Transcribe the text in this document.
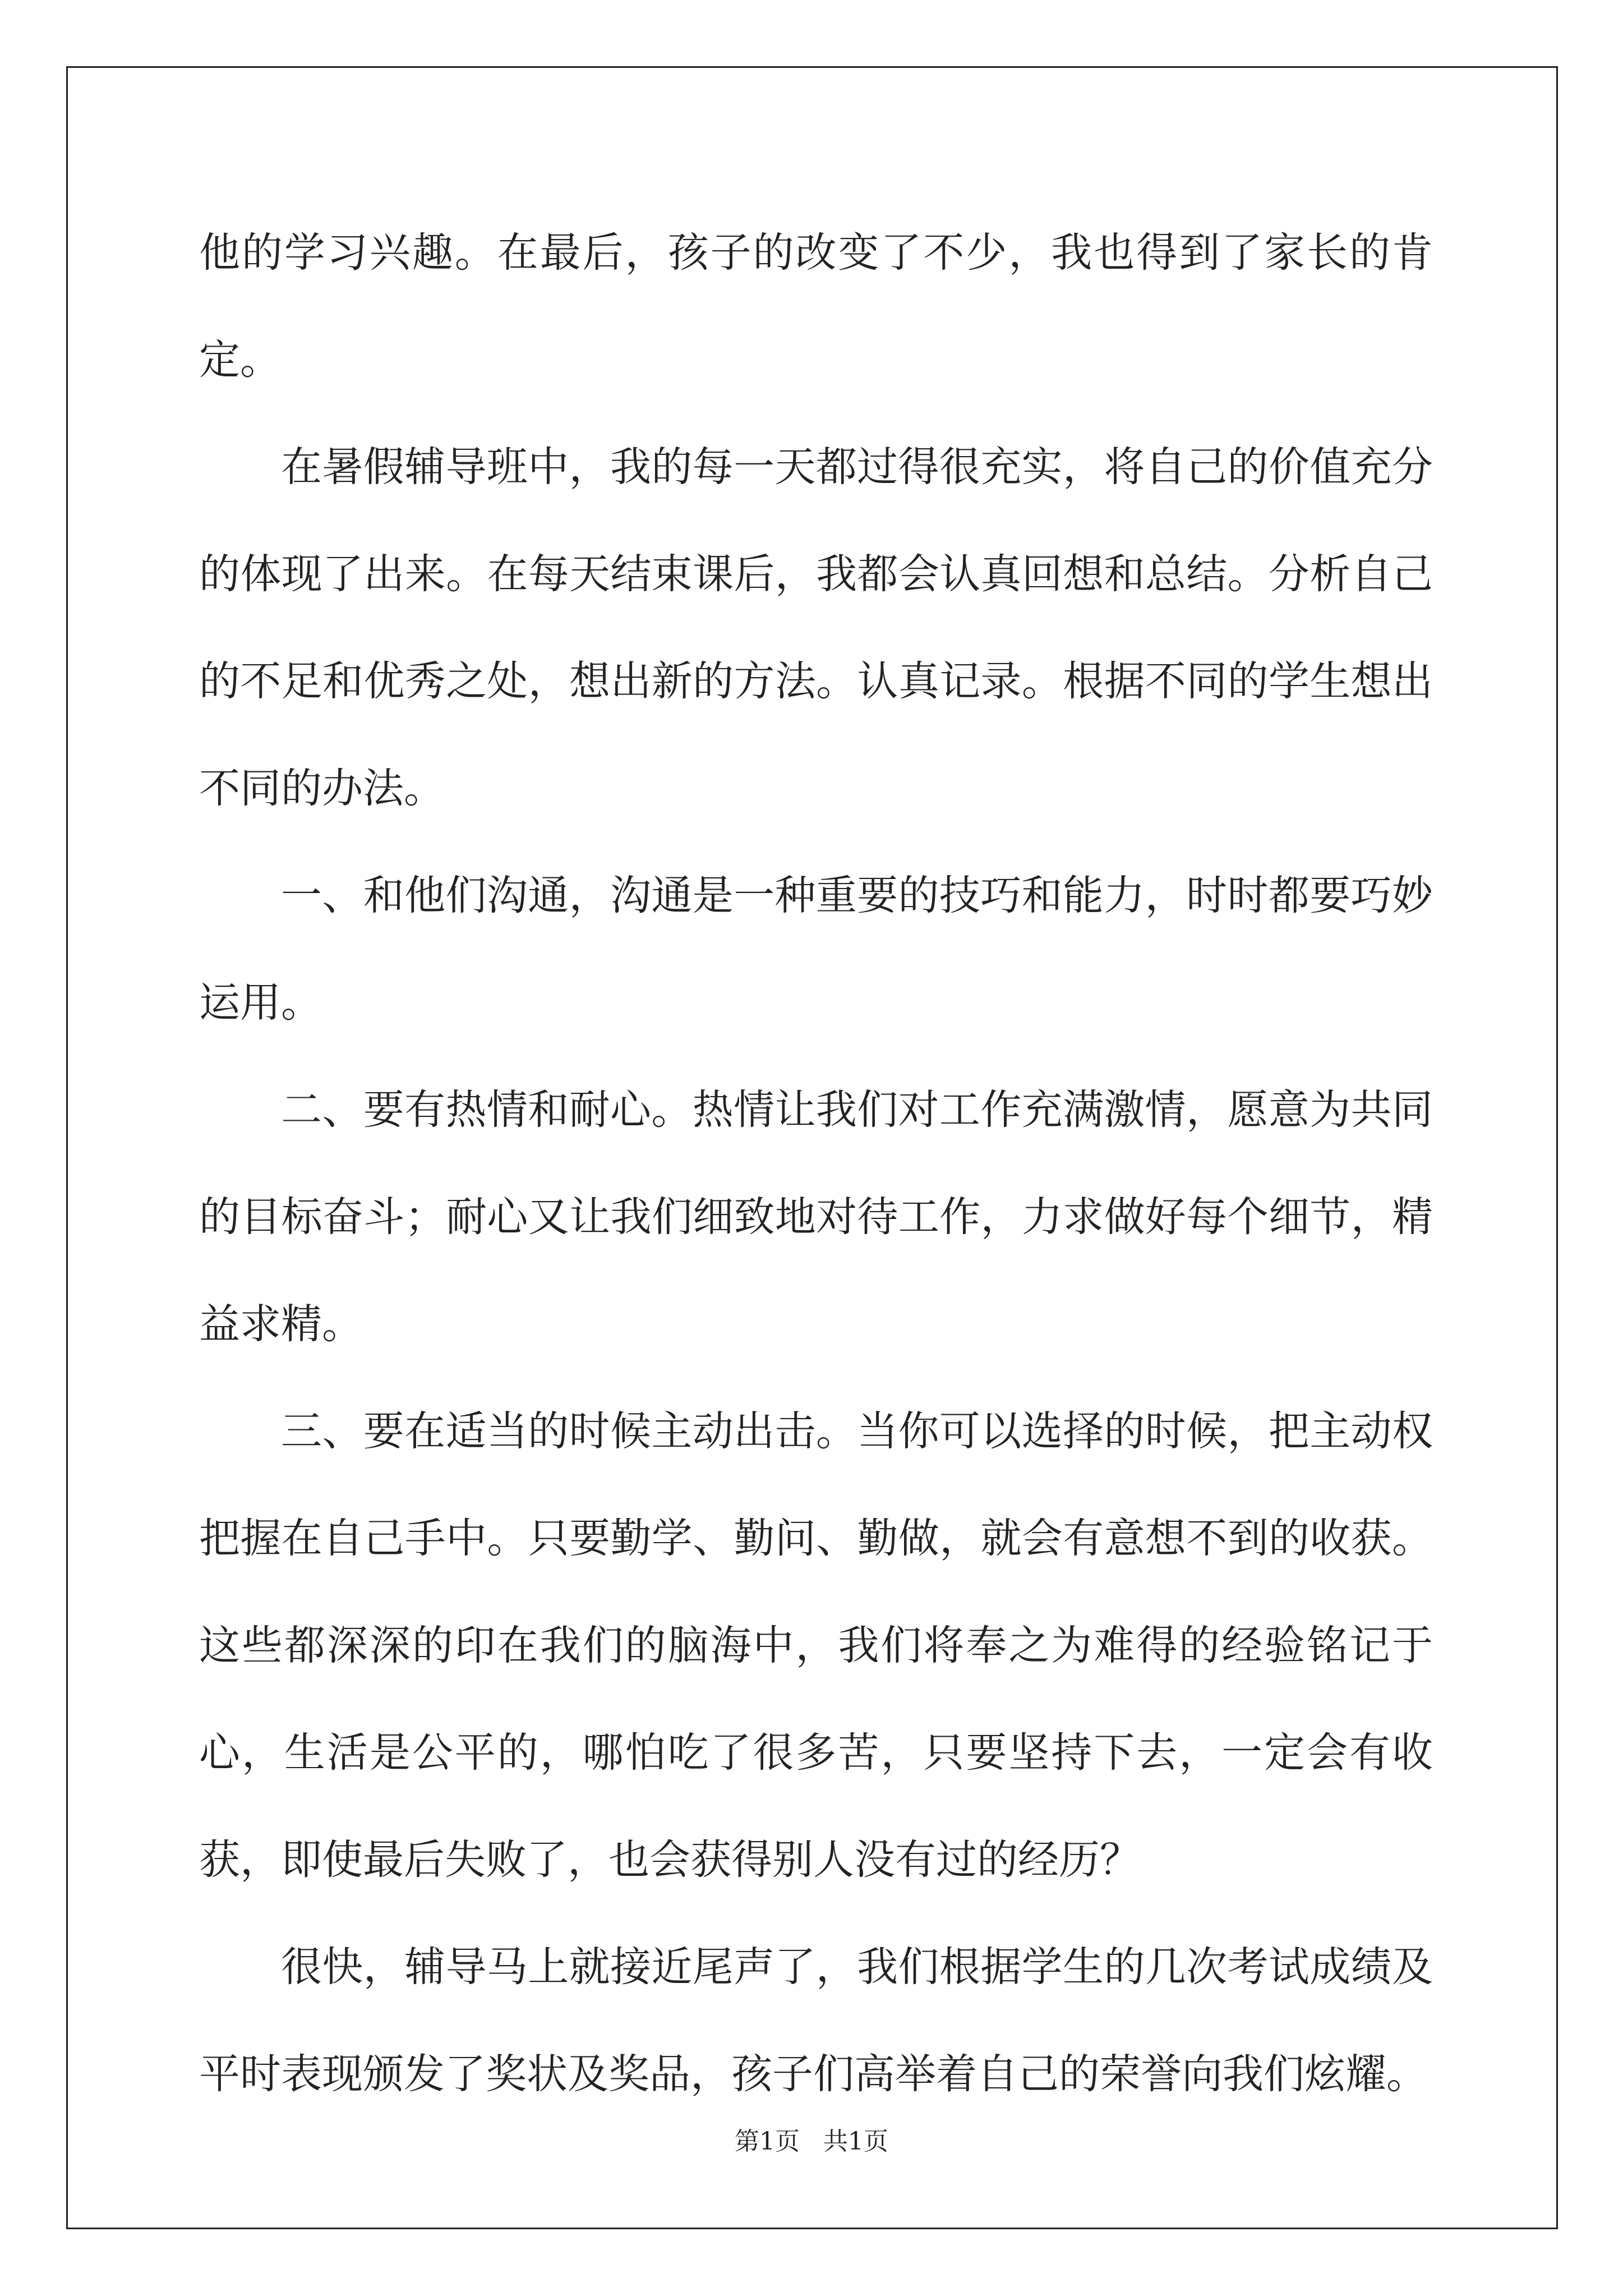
他的学习兴趣。在最后，孩子的改变了不少，我也得到了家长的肯定。

在暑假辅导班中，我的每一天都过得很充实，将自己的价值充分的体现了出来。在每天结束课后，我都会认真回想和总结。分析自己的不足和优秀之处，想出新的方法。认真记录。根据不同的学生想出不同的办法。

一、和他们沟通，沟通是一种重要的技巧和能力，时时都要巧妙运用。

二、要有热情和耐心。热情让我们对工作充满激情，愿意为共同的目标奋斗；耐心又让我们细致地对待工作，力求做好每个细节，精益求精。

三、要在适当的时候主动出击。当你可以选择的时候，把主动权把握在自己手中。只要勤学、勤问、勤做，就会有意想不到的收获。这些都深深的印在我们的脑海中，我们将奉之为难得的经验铭记于心，生活是公平的，哪怕吃了很多苦，只要坚持下去，一定会有收获，即使最后失败了，也会获得别人没有过的经历？

很快，辅导马上就接近尾声了，我们根据学生的几次考试成绩及平时表现颁发了奖状及奖品，孩子们高举着自己的荣誉向我们炫耀。

第1页 共1页
